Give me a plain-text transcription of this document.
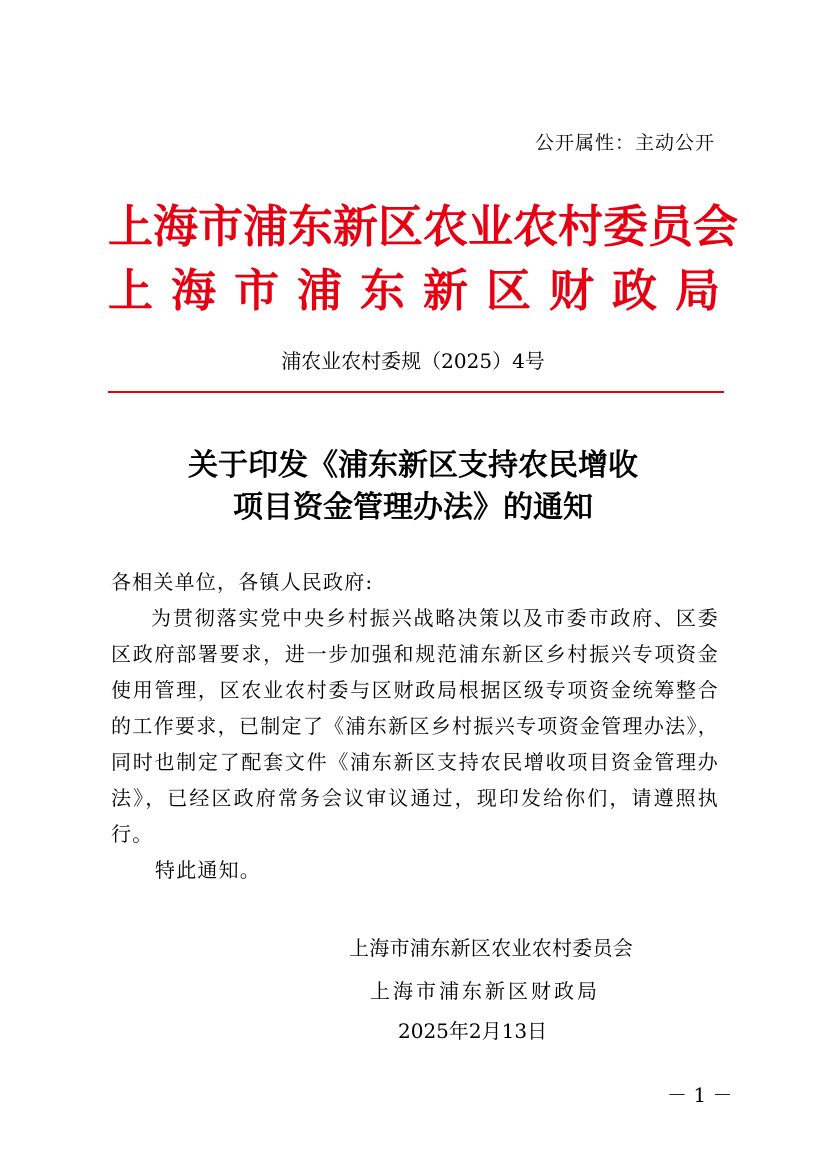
公开属性：主动公开
上海市浦东新区农业农村委员会
上海市浦东新区财政局
浦农业农村委规（2025）4号
关于印发《浦东新区支持农民增收
项目资金管理办法》的通知
各相关单位，各镇人民政府:
为贯彻落实党中央乡村振兴战略决策以及市委市政府、区委区政府部署要求，进一步加强和规范浦东新区乡村振兴专项资金使用管理，区农业农村委与区财政局根据区级专项资金统筹整合的工作要求，已制定了《浦东新区乡村振兴专项资金管理办法》，同时也制定了配套文件《浦东新区支持农民增收项目资金管理办法》，已经区政府常务会议审议通过，现印发给你们，请遵照执行。
特此通知。
上海市浦东新区农业农村委员会
上海市浦东新区财政局
2025年2月13日
－ 1 －
